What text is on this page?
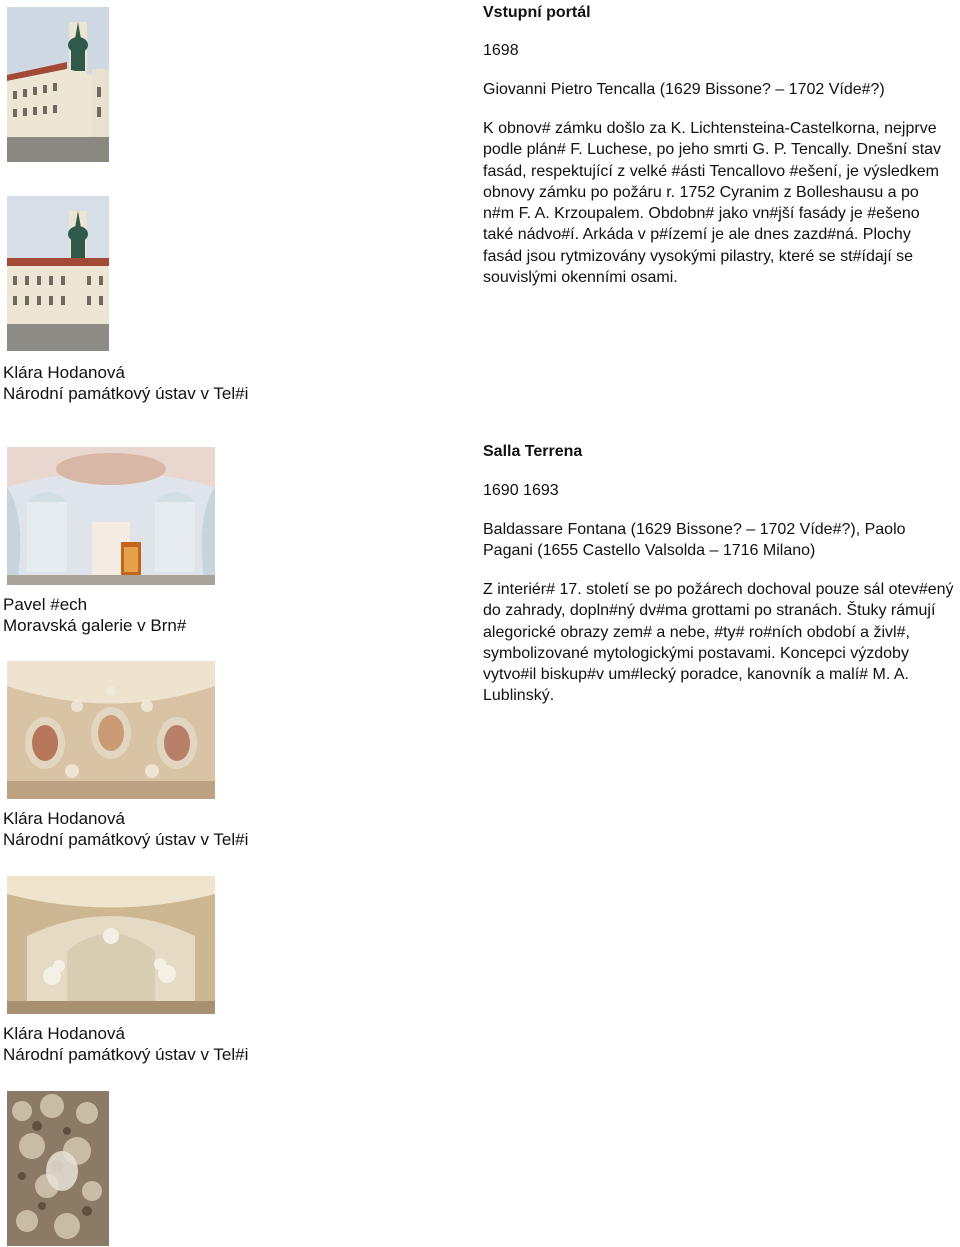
Vstupní portál

1698

Giovanni Pietro Tencalla (1629 Bissone? – 1702 Víde#?)

K obnov# zámku došlo za K. Lichtensteina-Castelkorna, nejprve podle plán# F. Luchese, po jeho smrti G. P. Tencally. Dnešní stav fasád, respektující z velké #ásti Tencallovo #ešení, je výsledkem obnovy zámku po požáru r. 1752 Cyranim z Bolleshausu a po n#m F. A. Krzoupalem. Obdobn# jako vn#jší fasády je #ešeno také nádvo#í. Arkáda v p#ízemí je ale dnes zazd#ná. Plochy fasád jsou rytmizovány vysokými pilastry, které se st#ídají se souvislými okenními osami.

Klára Hodanová
Národní památkový ústav v Tel#i
Pavel #ech
Moravská galerie v Brn#
Klára Hodanová
Národní památkový ústav v Tel#i
Klára Hodanová
Národní památkový ústav v Tel#i
Salla Terrena

1690 1693

Baldassare Fontana (1629 Bissone? – 1702 Víde#?), Paolo Pagani (1655 Castello Valsolda – 1716 Milano)

Z interiér# 17. století se po požárech dochoval pouze sál otev#ený do zahrady, dopln#ný dv#ma grottami po stranách. Štuky rámují alegorické obrazy zem# a nebe, #ty# ro#ních období a živl#, symbolizované mytologickými postavami. Koncepci výzdoby vytvo#il biskup#v um#lecký poradce, kanovník a malí# M. A. Lublinský.
